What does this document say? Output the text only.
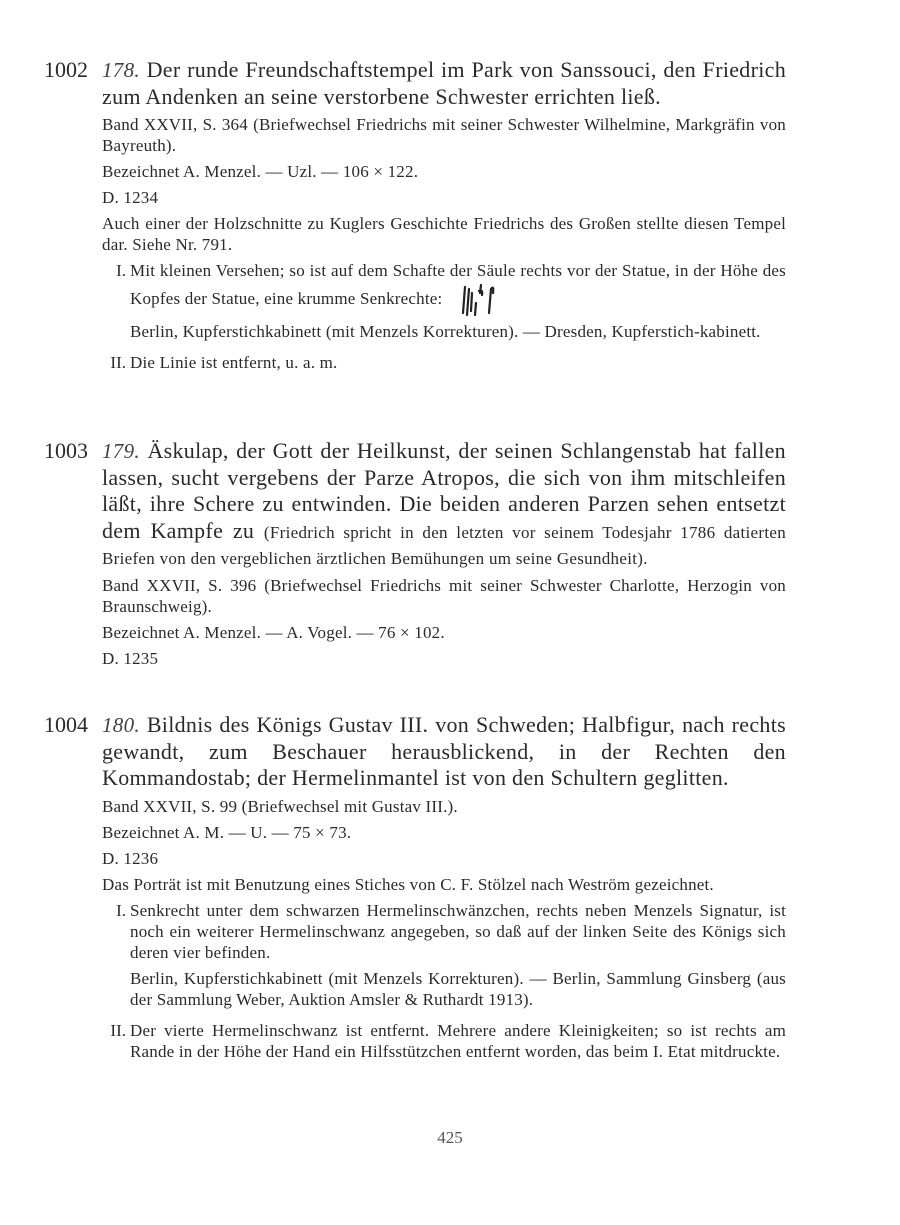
1002 178. Der runde Freundschaftstempel im Park von Sanssouci, den Friedrich zum Andenken an seine verstorbene Schwester errichten ließ.

Band XXVII, S. 364 (Briefwechsel Friedrichs mit seiner Schwester Wilhelmine, Markgräfin von Bayreuth).

Bezeichnet A. Menzel. — Uzl. — 106 × 122.

D. 1234

Auch einer der Holzschnitte zu Kuglers Geschichte Friedrichs des Großen stellte diesen Tempel dar. Siehe Nr. 791.

I. Mit kleinen Versehen; so ist auf dem Schafte der Säule rechts vor der Statue, in der Höhe des Kopfes der Statue, eine krumme Senkrechte:

Berlin, Kupferstichkabinett (mit Menzels Korrekturen). — Dresden, Kupferstich-kabinett.

II. Die Linie ist entfernt, u. a. m.

1003 179. Äskulap, der Gott der Heilkunst, der seinen Schlangenstab hat fallen lassen, sucht vergebens der Parze Atropos, die sich von ihm mitschleifen läßt, ihre Schere zu entwinden. Die beiden anderen Parzen sehen entsetzt dem Kampfe zu (Friedrich spricht in den letzten vor seinem Todesjahr 1786 datierten Briefen von den vergeblichen ärztlichen Bemühungen um seine Gesundheit).

Band XXVII, S. 396 (Briefwechsel Friedrichs mit seiner Schwester Charlotte, Herzogin von Braunschweig).

Bezeichnet A. Menzel. — A. Vogel. — 76 × 102.

D. 1235

1004 180. Bildnis des Königs Gustav III. von Schweden; Halbfigur, nach rechts gewandt, zum Beschauer herausblickend, in der Rechten den Kommandostab; der Hermelinmantel ist von den Schultern geglitten.

Band XXVII, S. 99 (Briefwechsel mit Gustav III.).

Bezeichnet A. M. — U. — 75 × 73.

D. 1236

Das Porträt ist mit Benutzung eines Stiches von C. F. Stölzel nach Weström gezeichnet.

I. Senkrecht unter dem schwarzen Hermelinschwänzchen, rechts neben Menzels Signatur, ist noch ein weiterer Hermelinschwanz angegeben, so daß auf der linken Seite des Königs sich deren vier befinden.

Berlin, Kupferstichkabinett (mit Menzels Korrekturen). — Berlin, Sammlung Ginsberg (aus der Sammlung Weber, Auktion Amsler & Ruthardt 1913).

II. Der vierte Hermelinschwanz ist entfernt. Mehrere andere Kleinigkeiten; so ist rechts am Rande in der Höhe der Hand ein Hilfsstützchen entfernt worden, das beim I. Etat mitdruckte.

425
